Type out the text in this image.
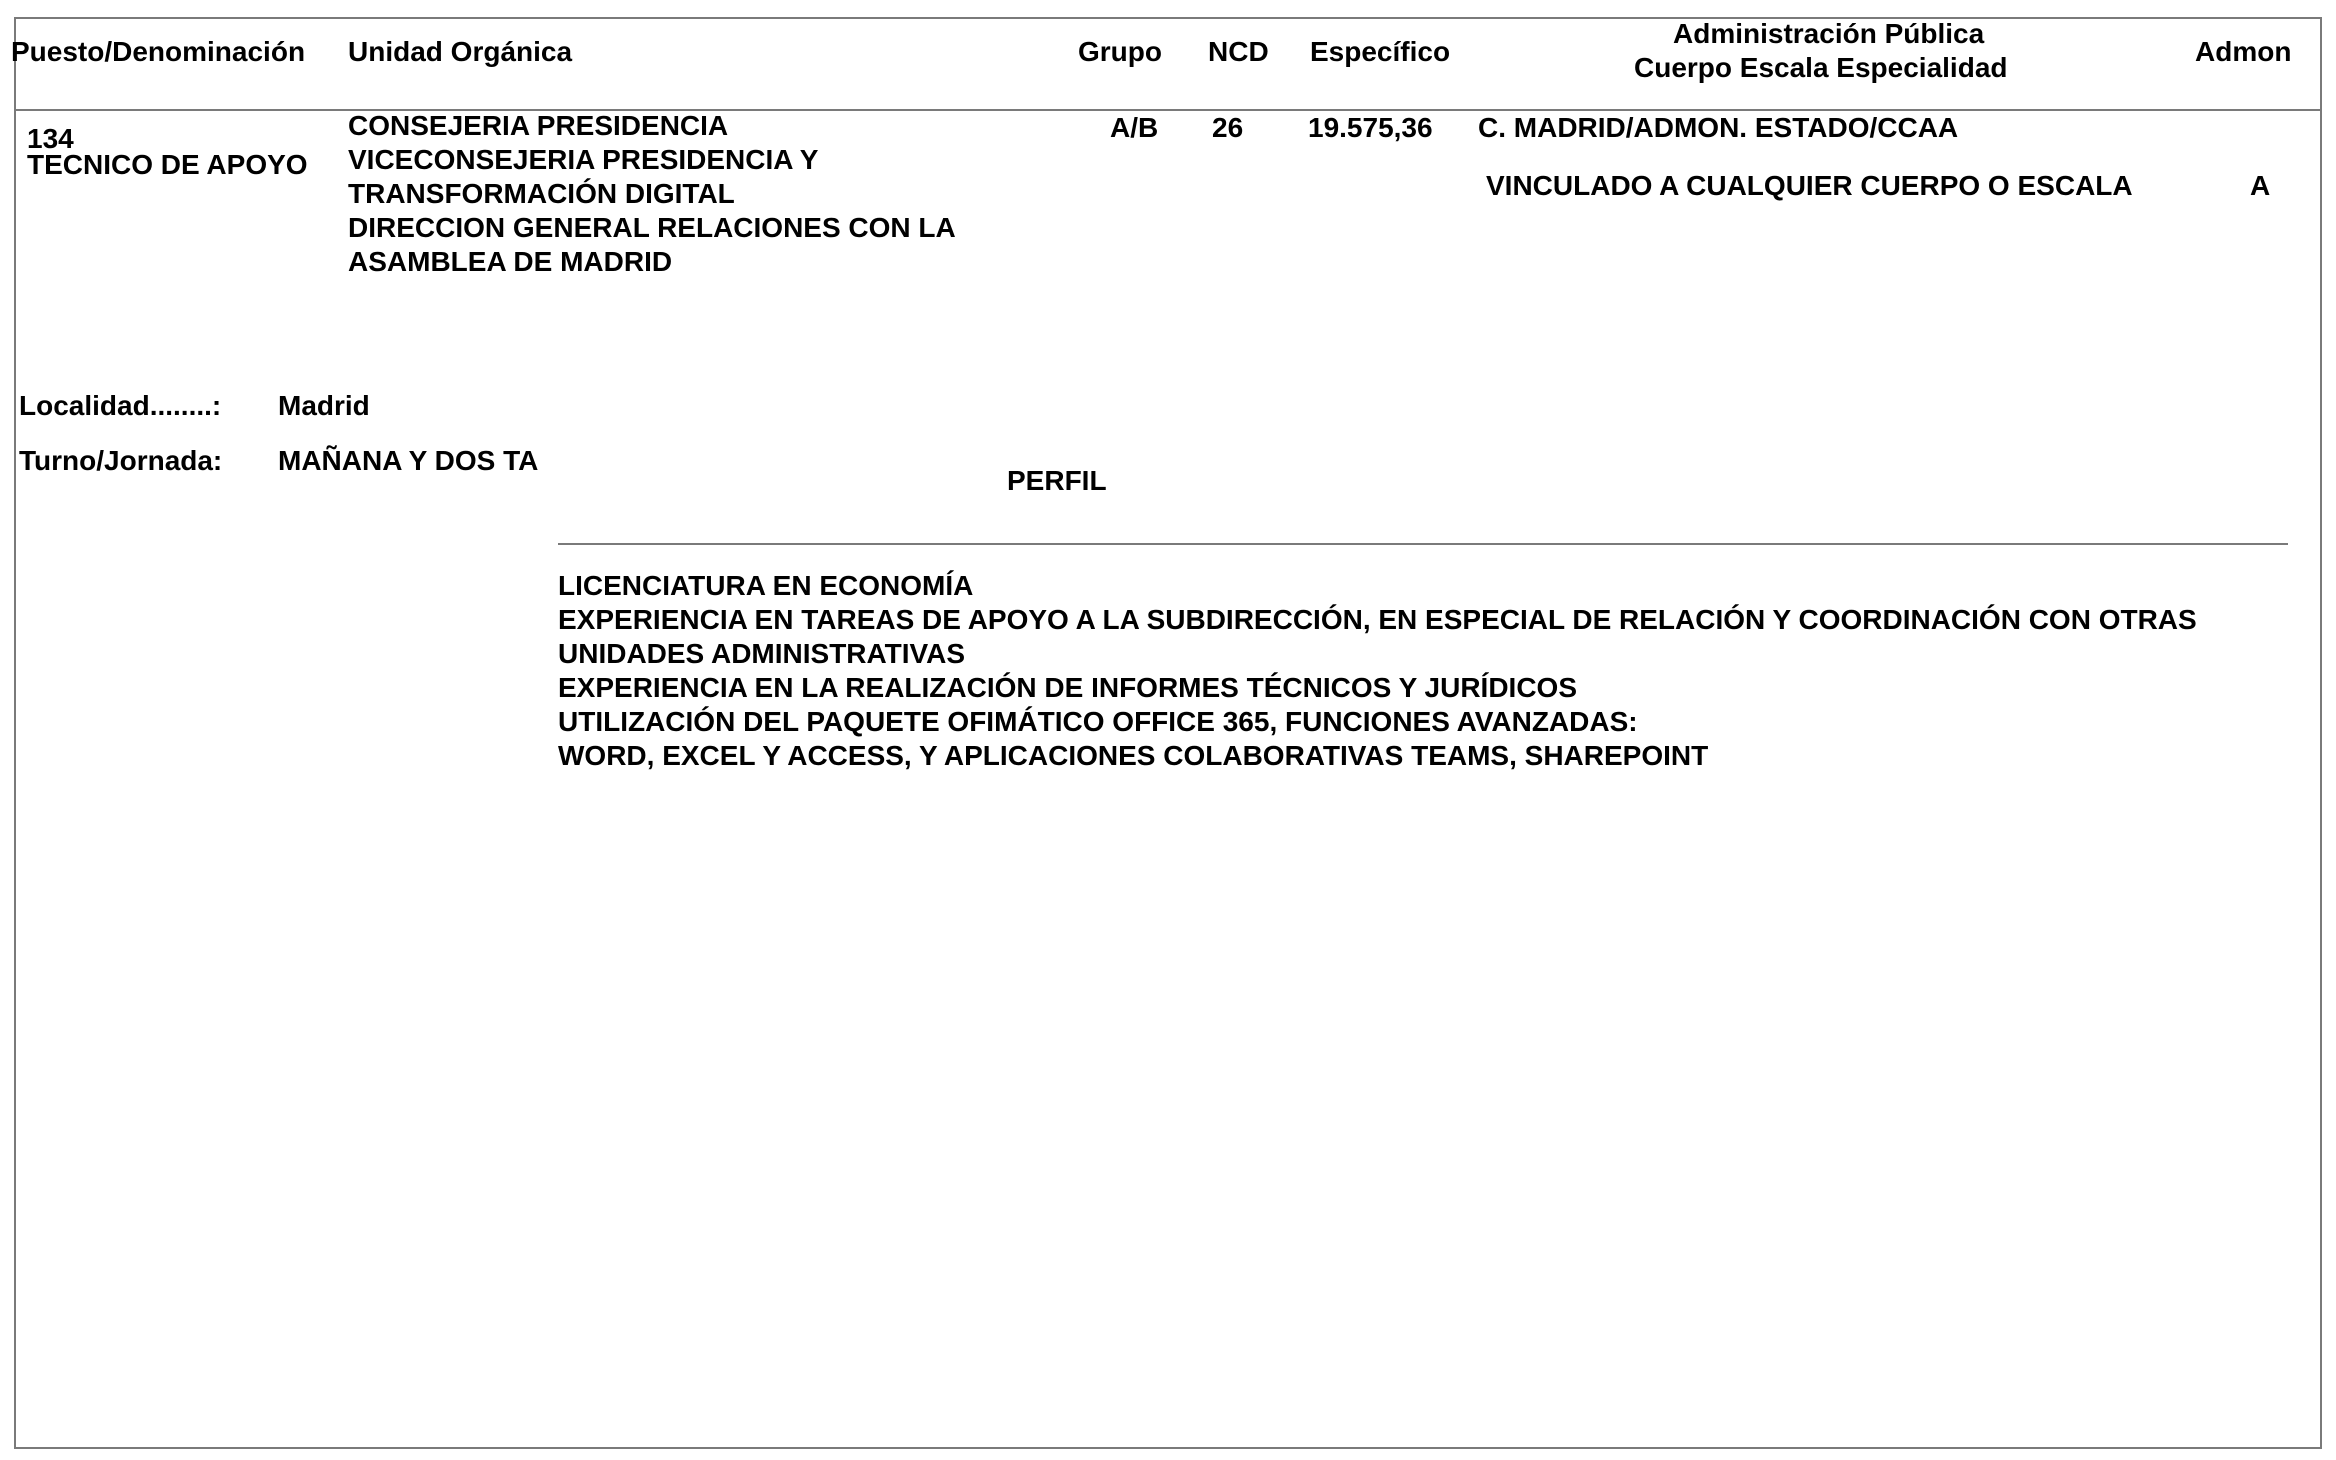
Puesto/Denominación Unidad Orgánica	Grupo NCD Específico
Administración Pública
Cuerpo Escala Especialidad
Admon
134
TECNICO DE APOYO
CONSEJERIA PRESIDENCIA
VICECONSEJERIA PRESIDENCIA Y
TRANSFORMACIÓN DIGITAL
DIRECCION GENERAL RELACIONES CON LA
ASAMBLEA DE MADRID
A/B 26 19.575,36 C. MADRID/ADMON. ESTADO/CCAA
VINCULADO A CUALQUIER CUERPO O ESCALA	A
Localidad........: Madrid
Turno/Jornada: MAÑANA Y DOS TA
PERFIL
LICENCIATURA EN ECONOMÍA
EXPERIENCIA EN TAREAS DE APOYO A LA SUBDIRECCIÓN, EN ESPECIAL DE RELACIÓN Y COORDINACIÓN CON OTRAS
UNIDADES ADMINISTRATIVAS
EXPERIENCIA EN LA REALIZACIÓN DE INFORMES TÉCNICOS Y JURÍDICOS
UTILIZACIÓN DEL PAQUETE OFIMÁTICO OFFICE 365, FUNCIONES AVANZADAS:
WORD, EXCEL Y ACCESS, Y APLICACIONES COLABORATIVAS TEAMS, SHAREPOINT
